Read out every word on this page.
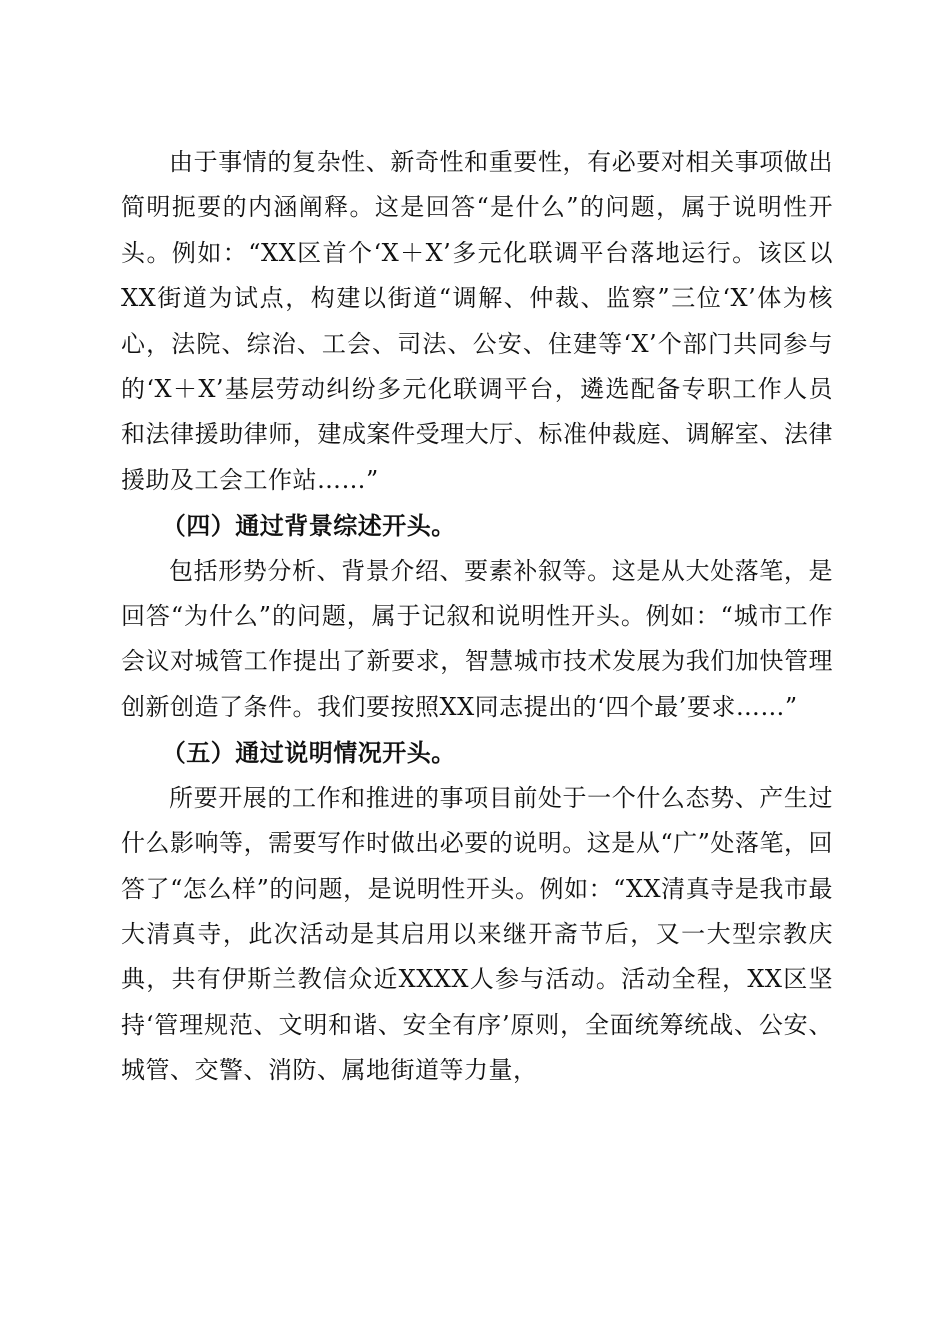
由于事情的复杂性、新奇性和重要性，有必要对相关事项做出简明扼要的内涵阐释。这是回答“是什么”的问题，属于说明性开头。例如：“XX区首个‘X＋X’多元化联调平台落地运行。该区以XX街道为试点，构建以街道“调解、仲裁、监察”三位‘X’体为核心，法院、综治、工会、司法、公安、住建等‘X’个部门共同参与的‘X＋X’基层劳动纠纷多元化联调平台，遴选配备专职工作人员和法律援助律师，建成案件受理大厅、标准仲裁庭、调解室、法律援助及工会工作站……”

（四）通过背景综述开头。

包括形势分析、背景介绍、要素补叙等。这是从大处落笔，是回答“为什么”的问题，属于记叙和说明性开头。例如：“城市工作会议对城管工作提出了新要求，智慧城市技术发展为我们加快管理创新创造了条件。我们要按照XX同志提出的‘四个最’要求……”

（五）通过说明情况开头。

所要开展的工作和推进的事项目前处于一个什么态势、产生过什么影响等，需要写作时做出必要的说明。这是从“广”处落笔，回答了“怎么样”的问题，是说明性开头。例如：“XX清真寺是我市最大清真寺，此次活动是其启用以来继开斋节后，又一大型宗教庆典，共有伊斯兰教信众近XXXX人参与活动。活动全程，XX区坚持‘管理规范、文明和谐、安全有序’原则，全面统筹统战、公安、城管、交警、消防、属地街道等力量，
